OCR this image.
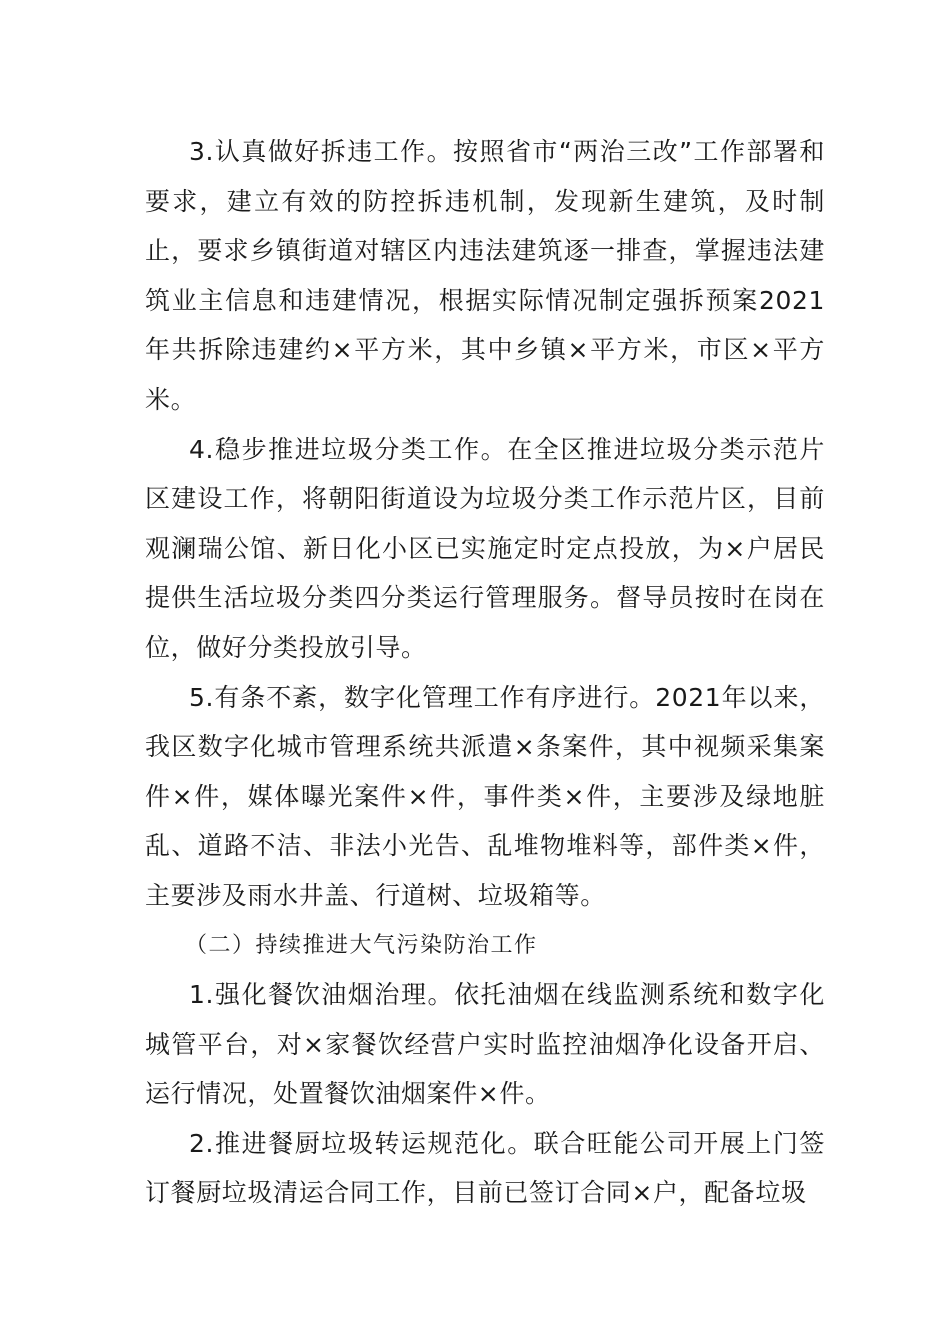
3.认真做好拆违工作。按照省市“两治三改”工作部署和要求，建立有效的防控拆违机制，发现新生建筑，及时制止，要求乡镇街道对辖区内违法建筑逐一排查，掌握违法建筑业主信息和违建情况，根据实际情况制定强拆预案2021年共拆除违建约×平方米，其中乡镇×平方米，市区×平方米。

4.稳步推进垃圾分类工作。在全区推进垃圾分类示范片区建设工作，将朝阳街道设为垃圾分类工作示范片区，目前观澜瑞公馆、新日化小区已实施定时定点投放，为×户居民提供生活垃圾分类四分类运行管理服务。督导员按时在岗在位，做好分类投放引导。

5.有条不紊，数字化管理工作有序进行。2021年以来，我区数字化城市管理系统共派遣×条案件，其中视频采集案件×件，媒体曝光案件×件，事件类×件，主要涉及绿地脏乱、道路不洁、非法小光告、乱堆物堆料等，部件类×件，主要涉及雨水井盖、行道树、垃圾箱等。

（二）持续推进大气污染防治工作

1.强化餐饮油烟治理。依托油烟在线监测系统和数字化城管平台，对×家餐饮经营户实时监控油烟净化设备开启、运行情况，处置餐饮油烟案件×件。

2.推进餐厨垃圾转运规范化。联合旺能公司开展上门签订餐厨垃圾清运合同工作，目前已签订合同×户，配备垃圾
